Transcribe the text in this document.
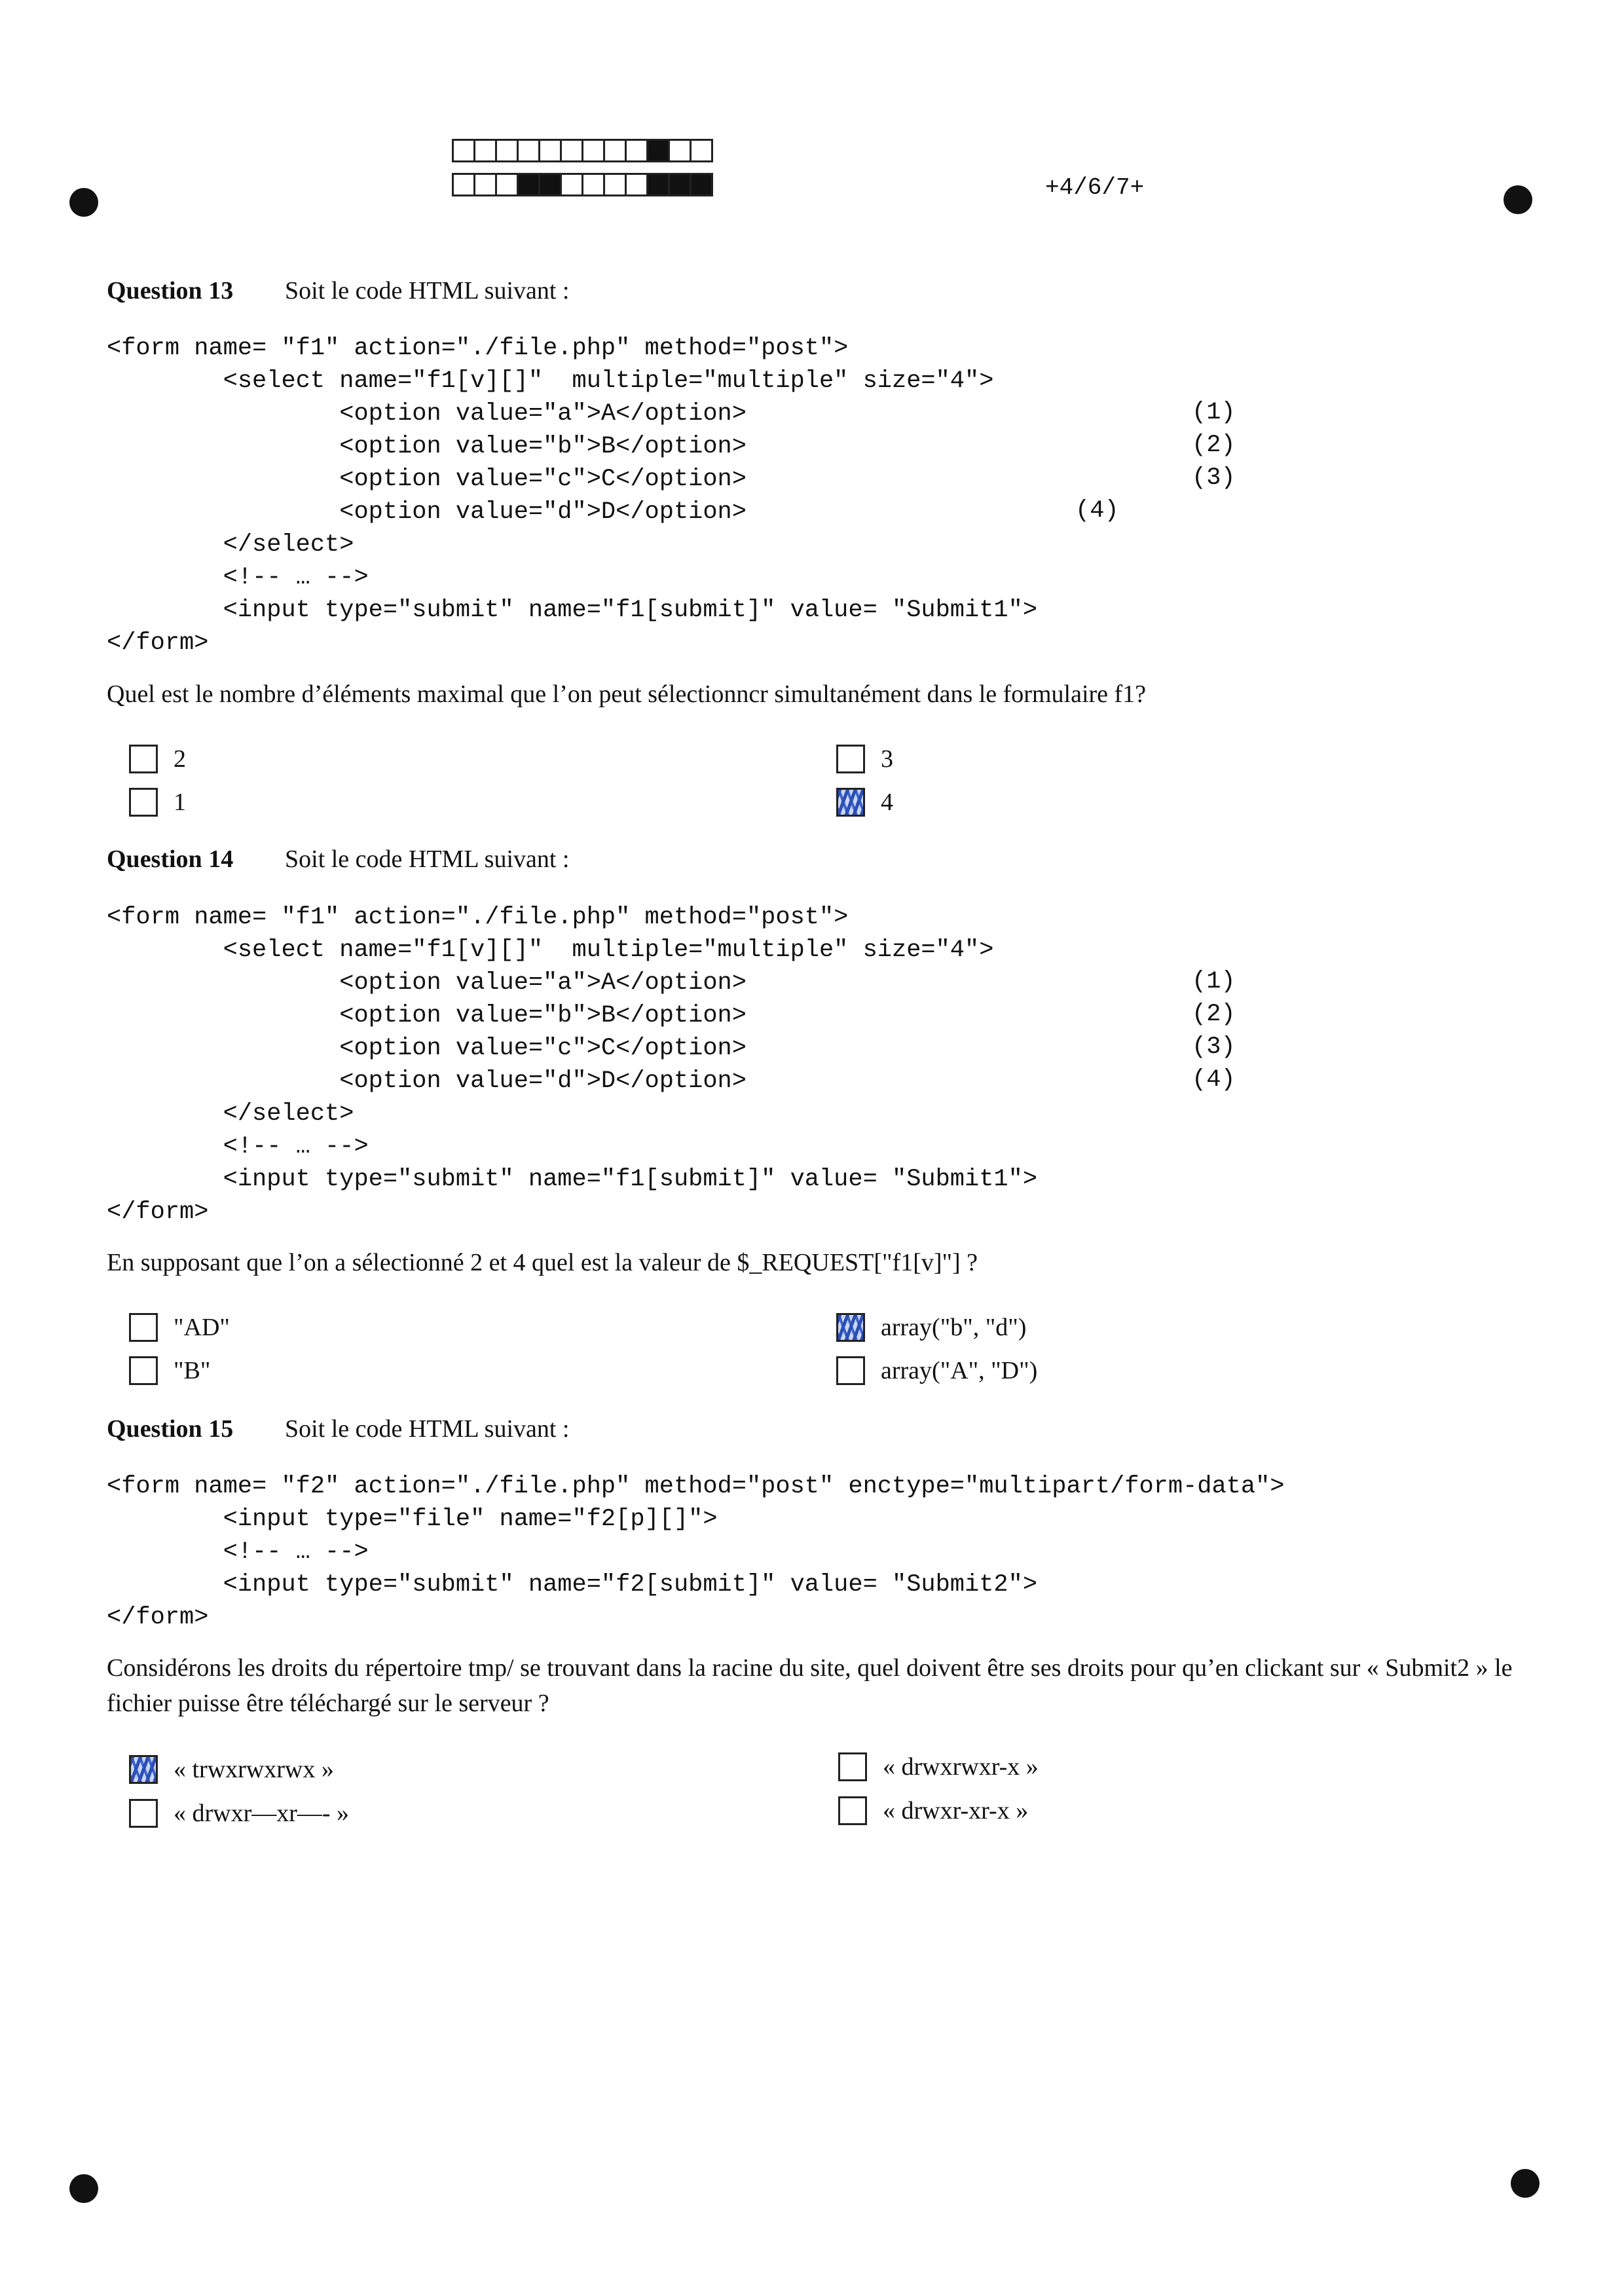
+4/6/7+
Question 13 Soit le code HTML suivant :
<form name= "f1" action="./file.php" method="post">
<select name="f1[v][]"  multiple="multiple" size="4">
<option value="a">A</option>
<option value="b">B</option>
<option value="c">C</option>
<option value="d">D</option>
</select>
<!-- … -->
<input type="submit" name="f1[submit]" value= "Submit1">
</form>
(1)
(2)
(3)
(4)
Quel est le nombre d’éléments maximal que l’on peut sélectionncr simultanément dans le formulaire f1?
2	3
1	4
Question 14 Soit le code HTML suivant :
<form name= "f1" action="./file.php" method="post">
<select name="f1[v][]"  multiple="multiple" size="4">
<option value="a">A</option>
<option value="b">B</option>
<option value="c">C</option>
<option value="d">D</option>
</select>
<!-- … -->
<input type="submit" name="f1[submit]" value= "Submit1">
</form>
(1)
(2)
(3)
(4)
En supposant que l’on a sélectionné 2 et 4 quel est la valeur de $_REQUEST["f1[v]"] ?
"AD"	array("b", "d")
"B"	array("A", "D")
Question 15 Soit le code HTML suivant :
<form name= "f2" action="./file.php" method="post" enctype="multipart/form-data">
<input type="file" name="f2[p][]">
<!-- … -->
<input type="submit" name="f2[submit]" value= "Submit2">
</form>
Considérons les droits du répertoire tmp/ se trouvant dans la racine du site, quel doivent être ses droits pour qu’en clickant sur « Submit2 » le fichier puisse être téléchargé sur le serveur ?
« trwxrwxrwx »	« drwxrwxr-x »
« drwxr—xr—- »	« drwxr-xr-x »
